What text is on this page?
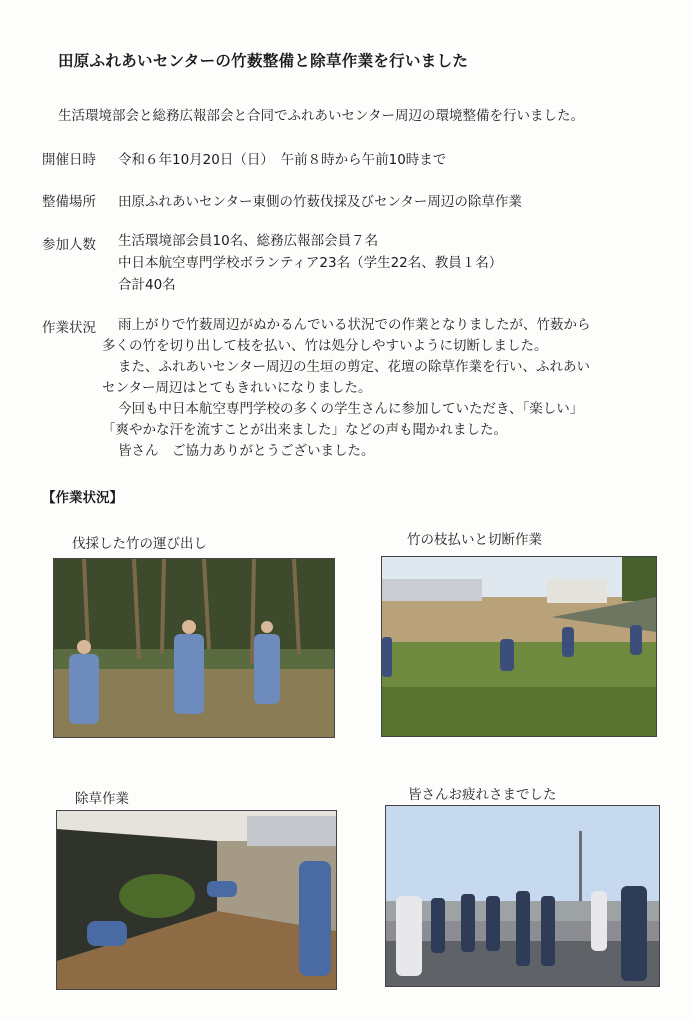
田原ふれあいセンターの竹薮整備と除草作業を行いました
生活環境部会と総務広報部会と合同でふれあいセンター周辺の環境整備を行いました。
開催日時 令和６年10月20日（日）　午前８時から午前10時まで
整備場所 田原ふれあいセンター東側の竹薮伐採及びセンター周辺の除草作業
参加人数 生活環境部会員10名、総務広報部会員７名
中日本航空専門学校ボランティア23名（学生22名、教員１名）
合計40名
作業状況 雨上がりで竹薮周辺がぬかるんでいる状況での作業となりましたが、竹薮から
多くの竹を切り出して枝を払い、竹は処分しやすいように切断しました。
また、ふれあいセンター周辺の生垣の剪定、花壇の除草作業を行い、ふれあい
センター周辺はとてもきれいになりました。
今回も中日本航空専門学校の多くの学生さんに参加していただき、「楽しい」
「爽やかな汗を流すことが出来ました」などの声も聞かれました。
皆さん　ご協力ありがとうございました。
【作業状況】
伐採した竹の運び出し	竹の枝払いと切断作業
除草作業	皆さんお疲れさまでした
